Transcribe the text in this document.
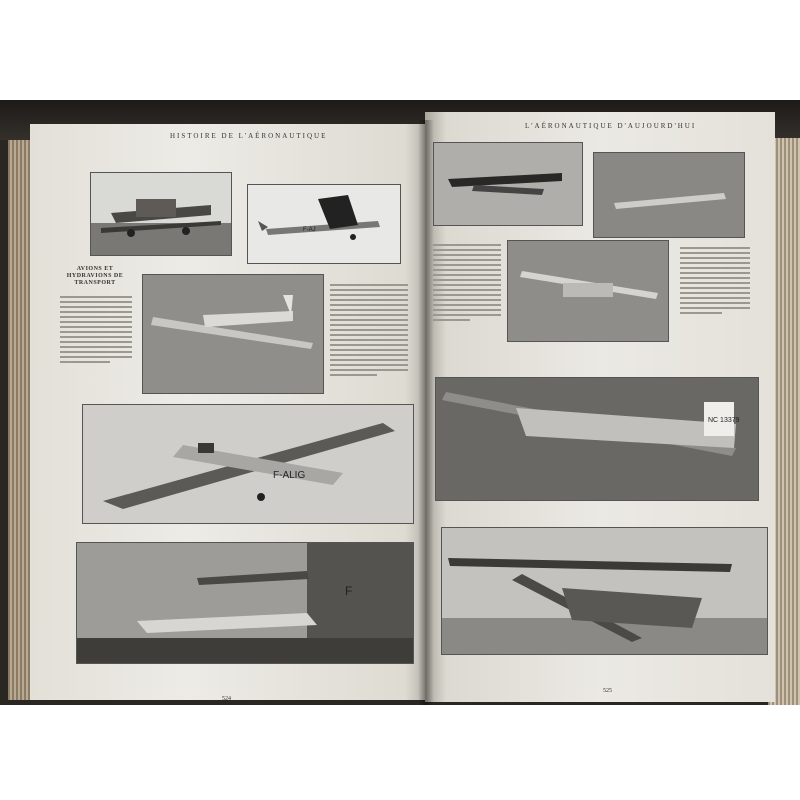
HISTOIRE DE L'AÉRONAUTIQUE
F-AJ
AVIONS ET HYDRAVIONS DE TRANSPORT
F-ALIG
F
524
L'AÉRONAUTIQUE D'AUJOURD'HUI
NC 13379
525
